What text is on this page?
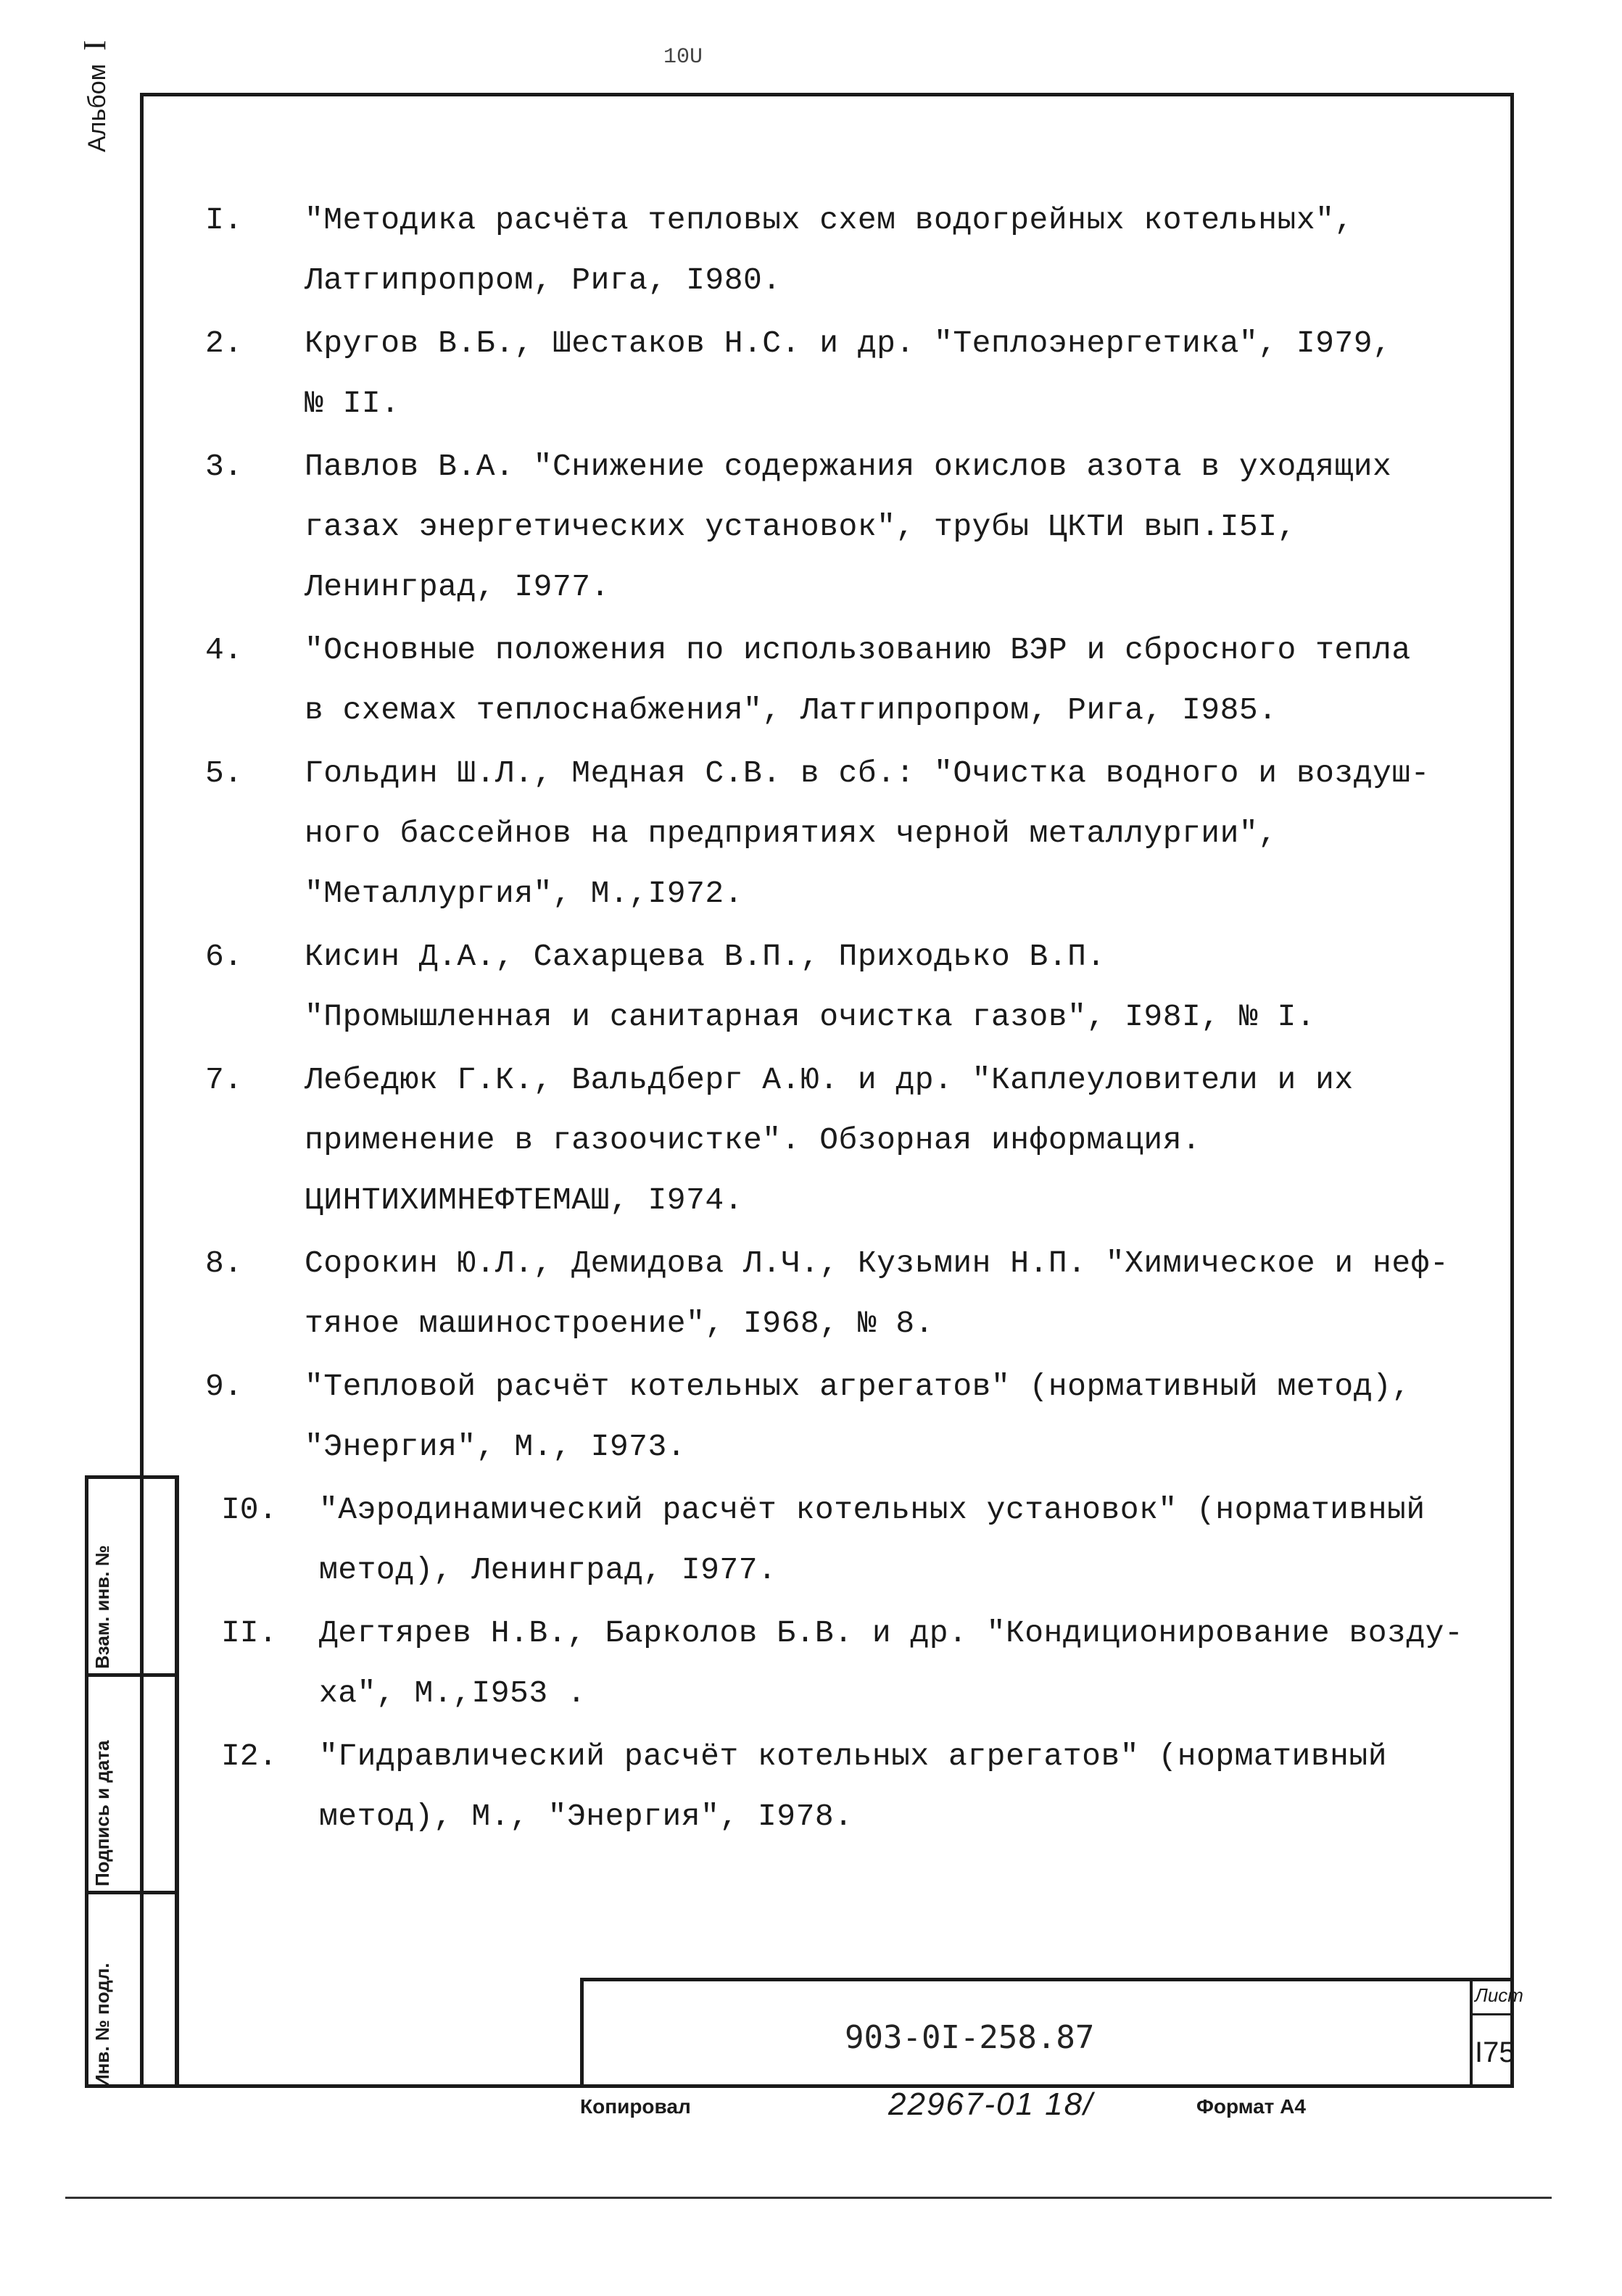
10U
АльбомI
Взам. инв. №
Подпись и дата
Инв. № подл.
I. "Методика расчёта тепловых схем водогрейных котельных",
Латгипропром, Рига, I980.
2. Кругов В.Б., Шестаков Н.С. и др. "Теплоэнергетика", I979,
№ II.
3. Павлов В.А. "Снижение содержания окислов азота в уходящих
газах энергетических установок", трубы ЦКТИ вып.I5I,
Ленинград, I977.
4. "Основные положения по использованию ВЭР и сбросного тепла
в схемах теплоснабжения", Латгипропром, Рига, I985.
5. Гольдин Ш.Л., Медная С.В. в сб.: "Очистка водного и воздуш-
ного бассейнов на предприятиях черной металлургии",
"Металлургия", М.,I972.
6. Кисин Д.А., Сахарцева В.П., Приходько В.П.
"Промышленная и санитарная очистка газов", I98I, № I.
7. Лебедюк Г.К., Вальдберг А.Ю. и др. "Каплеуловители и их
применение в газоочистке". Обзорная информация.
ЦИНТИХИМНЕФТЕМАШ, I974.
8. Сорокин Ю.Л., Демидова Л.Ч., Кузьмин Н.П. "Химическое и неф-
тяное машиностроение", I968, № 8.
9. "Тепловой расчёт котельных агрегатов" (нормативный метод),
"Энергия", М., I973.
I0. "Аэродинамический расчёт котельных установок" (нормативный
метод), Ленинград, I977.
II. Дегтярев Н.В., Барколов Б.В. и др. "Кондиционирование возду-
ха", М.,I953 .
I2. "Гидравлический расчёт котельных агрегатов" (нормативный
метод), М., "Энергия", I978.
903-0I-258.87
Лист
I75
Копировал	22967-01 18/	Формат А4
